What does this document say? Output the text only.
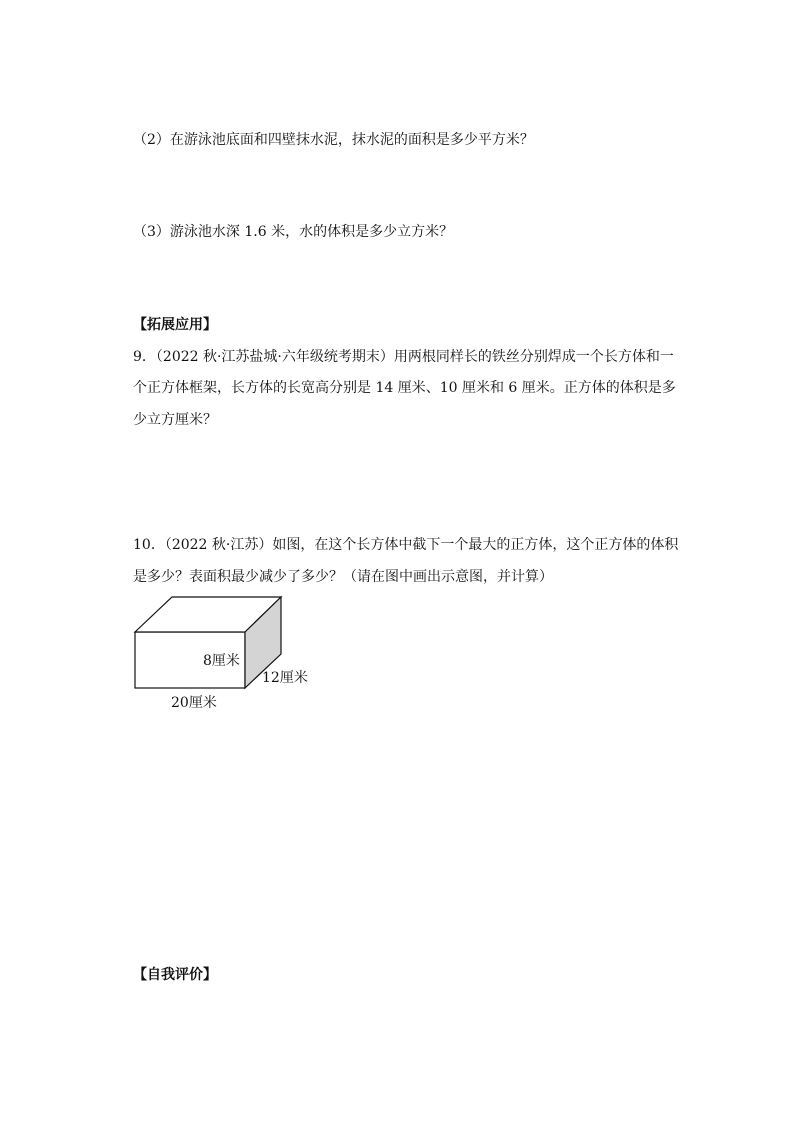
（2）在游泳池底面和四壁抹水泥，抹水泥的面积是多少平方米？
（3）游泳池水深 1.6 米，水的体积是多少立方米？
【拓展应用】
9．（2022 秋·江苏盐城·六年级统考期末）用两根同样长的铁丝分别焊成一个长方体和一
个正方体框架，长方体的长宽高分别是 14 厘米、10 厘米和 6 厘米。正方体的体积是多
少立方厘米？
10．（2022 秋·江苏）如图，在这个长方体中截下一个最大的正方体，这个正方体的体积
是多少？表面积最少减少了多少？（请在图中画出示意图，并计算）
8厘米
12厘米
20厘米
【自我评价】
